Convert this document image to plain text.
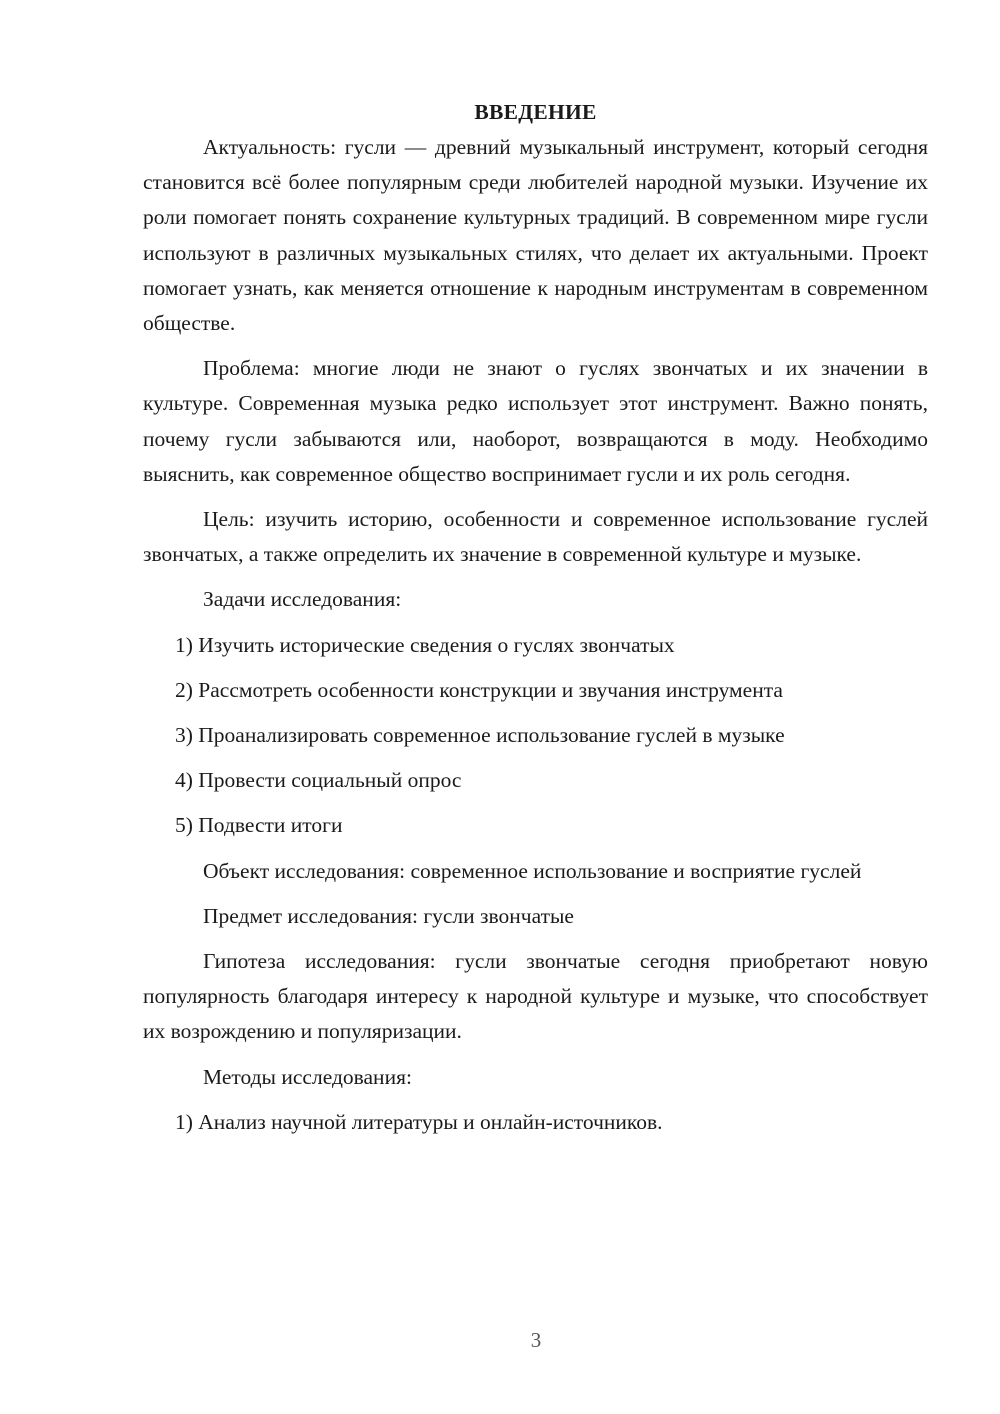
ВВЕДЕНИЕ

Актуальность: гусли — древний музыкальный инструмент, который сегодня становится всё более популярным среди любителей народной музыки. Изучение их роли помогает понять сохранение культурных традиций. В современном мире гусли используют в различных музыкальных стилях, что делает их актуальными. Проект помогает узнать, как меняется отношение к народным инструментам в современном обществе.

Проблема: многие люди не знают о гуслях звончатых и их значении в культуре. Современная музыка редко использует этот инструмент. Важно понять, почему гусли забываются или, наоборот, возвращаются в моду. Необходимо выяснить, как современное общество воспринимает гусли и их роль сегодня.

Цель: изучить историю, особенности и современное использование гуслей звончатых, а также определить их значение в современной культуре и музыке.

Задачи исследования:

1) Изучить исторические сведения о гуслях звончатых
2) Рассмотреть особенности конструкции и звучания инструмента
3) Проанализировать современное использование гуслей в музыке
4) Провести социальный опрос
5) Подвести итоги

Объект исследования: современное использование и восприятие гуслей

Предмет исследования: гусли звончатые

Гипотеза исследования: гусли звончатые сегодня приобретают новую популярность благодаря интересу к народной культуре и музыке, что способствует их возрождению и популяризации.

Методы исследования:

1) Анализ научной литературы и онлайн-источников.
3
